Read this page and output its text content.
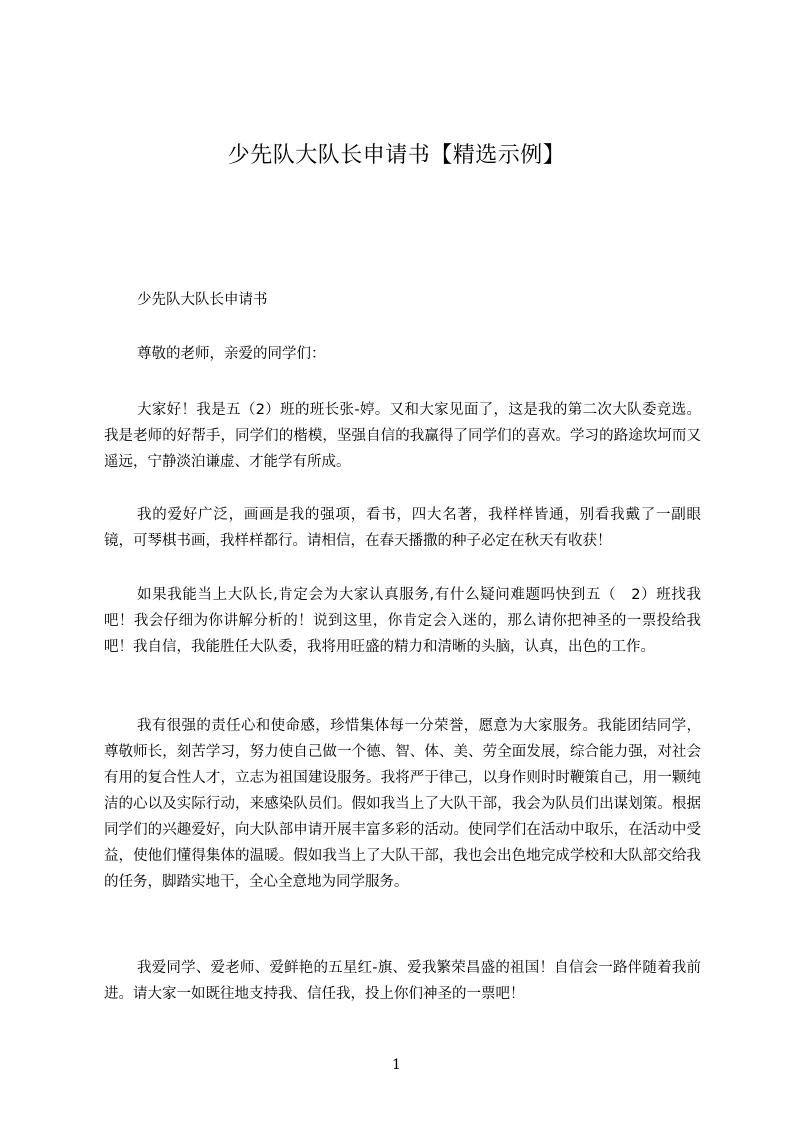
少先队大队长申请书【精选示例】
少先队大队长申请书
尊敬的老师，亲爱的同学们：

大家好！我是五（2）班的班长张-婷。又和大家见面了，这是我的第二次大队委竞选。我是老师的好帮手，同学们的楷模，坚强自信的我赢得了同学们的喜欢。学习的路途坎坷而又遥远，宁静淡泊谦虚、才能学有所成。

我的爱好广泛，画画是我的强项，看书，四大名著，我样样皆通，别看我戴了一副眼镜，可琴棋书画，我样样都行。请相信，在春天播撒的种子必定在秋天有收获！

如果我能当上大队长,肯定会为大家认真服务,有什么疑问难题吗快到五（　2）班找我吧！我会仔细为你讲解分析的！说到这里，你肯定会入迷的，那么请你把神圣的一票投给我吧！我自信，我能胜任大队委，我将用旺盛的精力和清晰的头脑，认真，出色的工作。

我有很强的责任心和使命感，珍惜集体每一分荣誉，愿意为大家服务。我能团结同学，尊敬师长，刻苦学习，努力使自己做一个德、智、体、美、劳全面发展，综合能力强，对社会有用的复合性人才，立志为祖国建设服务。我将严于律己，以身作则时时鞭策自己，用一颗纯洁的心以及实际行动，来感染队员们。假如我当上了大队干部，我会为队员们出谋划策。根据同学们的兴趣爱好，向大队部申请开展丰富多彩的活动。使同学们在活动中取乐，在活动中受益，使他们懂得集体的温暖。假如我当上了大队干部，我也会出色地完成学校和大队部交给我的任务，脚踏实地干，全心全意地为同学服务。

我爱同学、爱老师、爱鲜艳的五星红-旗、爱我繁荣昌盛的祖国！自信会一路伴随着我前进。请大家一如既往地支持我、信任我，投上你们神圣的一票吧！

1
